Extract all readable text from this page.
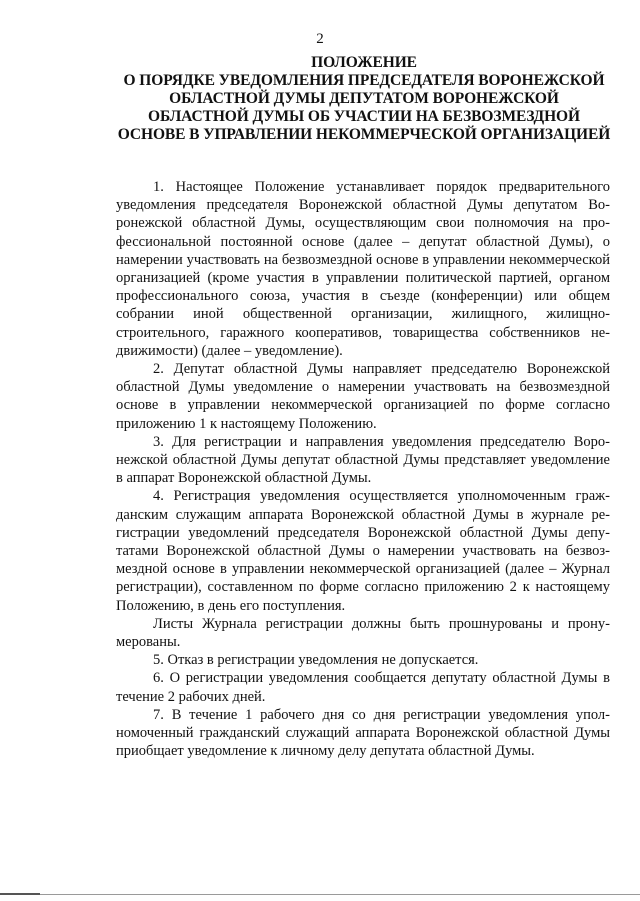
2
ПОЛОЖЕНИЕ
О ПОРЯДКЕ УВЕДОМЛЕНИЯ ПРЕДСЕДАТЕЛЯ ВОРОНЕЖСКОЙ
ОБЛАСТНОЙ ДУМЫ ДЕПУТАТОМ ВОРОНЕЖСКОЙ
ОБЛАСТНОЙ ДУМЫ ОБ УЧАСТИИ НА БЕЗВОЗМЕЗДНОЙ
ОСНОВЕ В УПРАВЛЕНИИ НЕКОММЕРЧЕСКОЙ ОРГАНИЗАЦИЕЙ

1. Настоящее Положение устанавливает порядок предварительного уведомления председателя Воронежской областной Думы депутатом Воронежской областной Думы, осуществляющим свои полномочия на профессиональной постоянной основе (далее – депутат областной Думы), о намерении участвовать на безвозмездной основе в управлении некоммерческой организацией (кроме участия в управлении политической партией, органом профессионального союза, участия в съезде (конференции) или общем собрании иной общественной организации, жилищного, жилищно-строительного, гаражного кооперативов, товарищества собственников недвижимости) (далее – уведомление).

2. Депутат областной Думы направляет председателю Воронежской областной Думы уведомление о намерении участвовать на безвозмездной основе в управлении некоммерческой организацией по форме согласно приложению 1 к настоящему Положению.

3. Для регистрации и направления уведомления председателю Воронежской областной Думы депутат областной Думы представляет уведомление в аппарат Воронежской областной Думы.

4. Регистрация уведомления осуществляется уполномоченным гражданским служащим аппарата Воронежской областной Думы в журнале регистрации уведомлений председателя Воронежской областной Думы депутатами Воронежской областной Думы о намерении участвовать на безвозмездной основе в управлении некоммерческой организацией (далее – Журнал регистрации), составленном по форме согласно приложению 2 к настоящему Положению, в день его поступления.

Листы Журнала регистрации должны быть прошнурованы и пронумерованы.

5. Отказ в регистрации уведомления не допускается.

6. О регистрации уведомления сообщается депутату областной Думы в течение 2 рабочих дней.

7. В течение 1 рабочего дня со дня регистрации уведомления уполномоченный гражданский служащий аппарата Воронежской областной Думы приобщает уведомление к личному делу депутата областной Думы.
